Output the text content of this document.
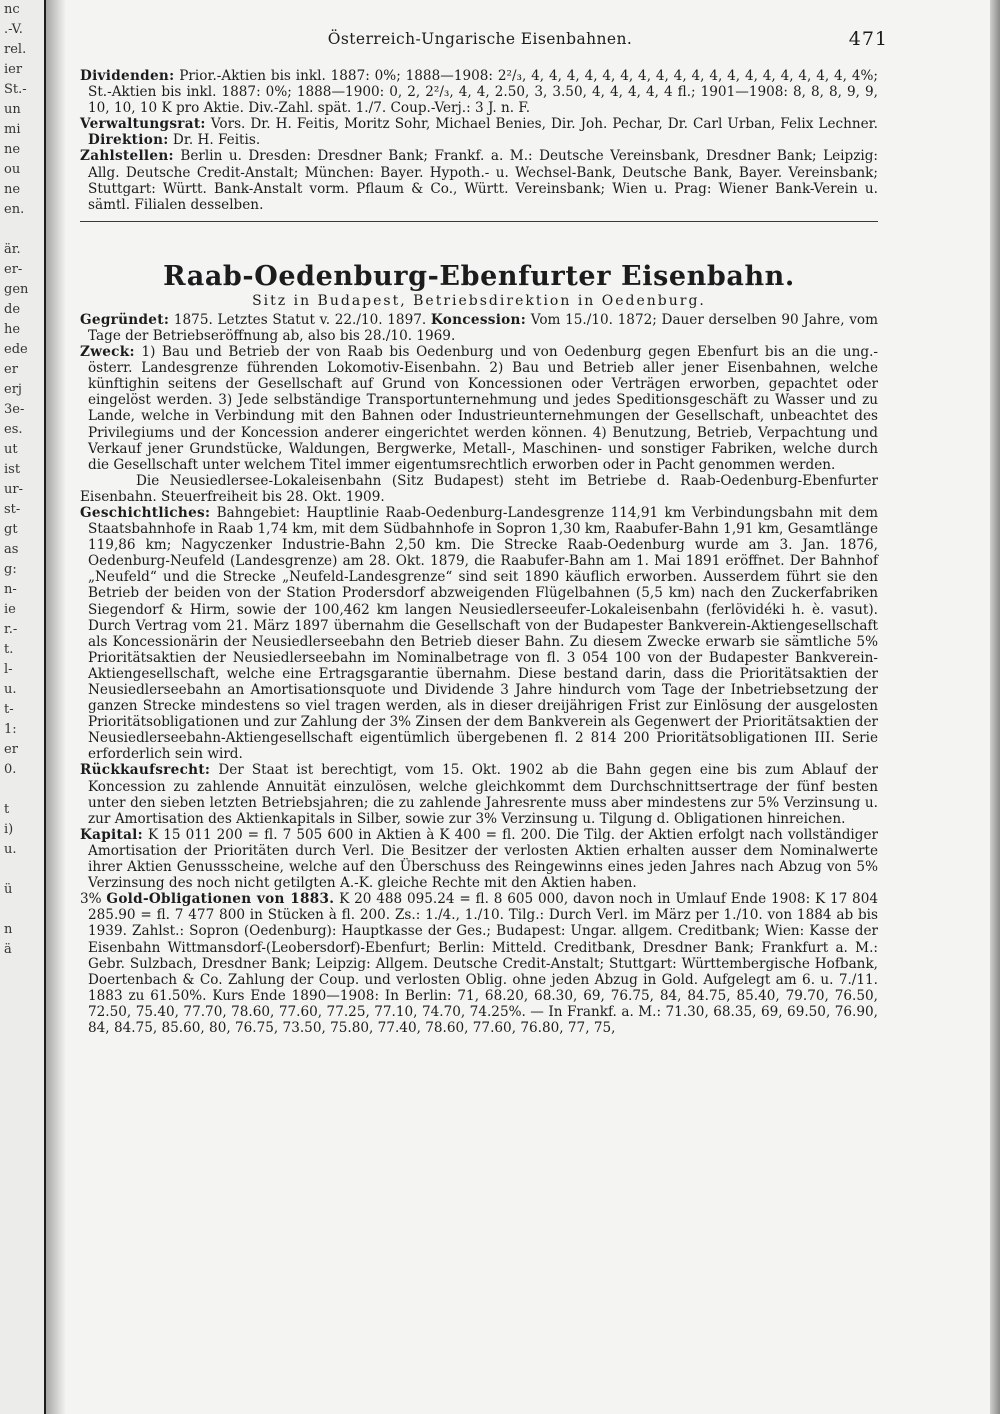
nc
.-V.
rel.
ier
St.-
un
mi
ne
ou
ne
en.

är.
er-
gen
de
he
ede
er
erj
3e-
es.
ut
ist
ur-
st-
gt
as
g:
n-
ie
r.-
t.
l-
u.
t-
1:
er
0.

t
i)
u.

ü

n
ä

Österreich-Ungarische Eisenbahnen.	471

Dividenden: Prior.-Aktien bis inkl. 1887: 0%; 1888—1908: 2²/₃, 4, 4, 4, 4, 4, 4, 4, 4, 4, 4, 4, 4, 4, 4, 4, 4, 4, 4, 4%; St.-Aktien bis inkl. 1887: 0%; 1888—1900: 0, 2, 2²/₃, 4, 4, 2.50, 3, 3.50, 4, 4, 4, 4, 4 fl.; 1901—1908: 8, 8, 8, 9, 9, 10, 10, 10 K pro Aktie. Div.-Zahl. spät. 1./7. Coup.-Verj.: 3 J. n. F.

Verwaltungsrat: Vors. Dr. H. Feitis, Moritz Sohr, Michael Benies, Dir. Joh. Pechar, Dr. Carl Urban, Felix Lechner. Direktion: Dr. H. Feitis.

Zahlstellen: Berlin u. Dresden: Dresdner Bank; Frankf. a. M.: Deutsche Vereinsbank, Dresdner Bank; Leipzig: Allg. Deutsche Credit-Anstalt; München: Bayer. Hypoth.- u. Wechsel-Bank, Deutsche Bank, Bayer. Vereinsbank; Stuttgart: Württ. Bank-Anstalt vorm. Pflaum & Co., Württ. Vereinsbank; Wien u. Prag: Wiener Bank-Verein u. sämtl. Filialen desselben.

Raab-Oedenburg-Ebenfurter Eisenbahn.
Sitz in Budapest, Betriebsdirektion in Oedenburg.

Gegründet: 1875. Letztes Statut v. 22./10. 1897. Koncession: Vom 15./10. 1872; Dauer derselben 90 Jahre, vom Tage der Betriebseröffnung ab, also bis 28./10. 1969.

Zweck: 1) Bau und Betrieb der von Raab bis Oedenburg und von Oedenburg gegen Ebenfurt bis an die ung.-österr. Landesgrenze führenden Lokomotiv-Eisenbahn. 2) Bau und Betrieb aller jener Eisenbahnen, welche künftighin seitens der Gesellschaft auf Grund von Koncessionen oder Verträgen erworben, gepachtet oder eingelöst werden. 3) Jede selbständige Transportunternehmung und jedes Speditionsgeschäft zu Wasser und zu Lande, welche in Verbindung mit den Bahnen oder Industrieunternehmungen der Gesellschaft, unbeachtet des Privilegiums und der Koncession anderer eingerichtet werden können. 4) Benutzung, Betrieb, Verpachtung und Verkauf jener Grundstücke, Waldungen, Bergwerke, Metall-, Maschinen- und sonstiger Fabriken, welche durch die Gesellschaft unter welchem Titel immer eigentumsrechtlich erworben oder in Pacht genommen werden.

Die Neusiedlersee-Lokaleisenbahn (Sitz Budapest) steht im Betriebe d. Raab-Oedenburg-Ebenfurter Eisenbahn. Steuerfreiheit bis 28. Okt. 1909.

Geschichtliches: Bahngebiet: Hauptlinie Raab-Oedenburg-Landesgrenze 114,91 km Verbindungsbahn mit dem Staatsbahnhofe in Raab 1,74 km, mit dem Südbahnhofe in Sopron 1,30 km, Raabufer-Bahn 1,91 km, Gesamtlänge 119,86 km; Nagyczenker Industrie-Bahn 2,50 km. Die Strecke Raab-Oedenburg wurde am 3. Jan. 1876, Oedenburg-Neufeld (Landesgrenze) am 28. Okt. 1879, die Raabufer-Bahn am 1. Mai 1891 eröffnet. Der Bahnhof „Neufeld“ und die Strecke „Neufeld-Landesgrenze“ sind seit 1890 käuflich erworben. Ausserdem führt sie den Betrieb der beiden von der Station Prodersdorf abzweigenden Flügelbahnen (5,5 km) nach den Zuckerfabriken Siegendorf & Hirm, sowie der 100,462 km langen Neusiedlerseeufer-Lokaleisenbahn (ferlövidéki h. è. vasut). Durch Vertrag vom 21. März 1897 übernahm die Gesellschaft von der Budapester Bankverein-Aktiengesellschaft als Koncessionärin der Neusiedlerseebahn den Betrieb dieser Bahn. Zu diesem Zwecke erwarb sie sämtliche 5% Prioritätsaktien der Neusiedlerseebahn im Nominalbetrage von fl. 3 054 100 von der Budapester Bankverein-Aktiengesellschaft, welche eine Ertragsgarantie übernahm. Diese bestand darin, dass die Prioritätsaktien der Neusiedlerseebahn an Amortisationsquote und Dividende 3 Jahre hindurch vom Tage der Inbetriebsetzung der ganzen Strecke mindestens so viel tragen werden, als in dieser dreijährigen Frist zur Einlösung der ausgelosten Prioritätsobligationen und zur Zahlung der 3% Zinsen der dem Bankverein als Gegenwert der Prioritätsaktien der Neusiedlerseebahn-Aktiengesellschaft eigentümlich übergebenen fl. 2 814 200 Prioritätsobligationen III. Serie erforderlich sein wird.

Rückkaufsrecht: Der Staat ist berechtigt, vom 15. Okt. 1902 ab die Bahn gegen eine bis zum Ablauf der Koncession zu zahlende Annuität einzulösen, welche gleichkommt dem Durchschnittsertrage der fünf besten unter den sieben letzten Betriebsjahren; die zu zahlende Jahresrente muss aber mindestens zur 5% Verzinsung u. zur Amortisation des Aktienkapitals in Silber, sowie zur 3% Verzinsung u. Tilgung d. Obligationen hinreichen.

Kapital: K 15 011 200 = fl. 7 505 600 in Aktien à K 400 = fl. 200. Die Tilg. der Aktien erfolgt nach vollständiger Amortisation der Prioritäten durch Verl. Die Besitzer der verlosten Aktien erhalten ausser dem Nominalwerte ihrer Aktien Genussscheine, welche auf den Überschuss des Reingewinns eines jeden Jahres nach Abzug von 5% Verzinsung des noch nicht getilgten A.-K. gleiche Rechte mit den Aktien haben.

3% Gold-Obligationen von 1883. K 20 488 095.24 = fl. 8 605 000, davon noch in Umlauf Ende 1908: K 17 804 285.90 = fl. 7 477 800 in Stücken à fl. 200. Zs.: 1./4., 1./10. Tilg.: Durch Verl. im März per 1./10. von 1884 ab bis 1939. Zahlst.: Sopron (Oedenburg): Hauptkasse der Ges.; Budapest: Ungar. allgem. Creditbank; Wien: Kasse der Eisenbahn Wittmansdorf-(Leobersdorf)-Ebenfurt; Berlin: Mitteld. Creditbank, Dresdner Bank; Frankfurt a. M.: Gebr. Sulzbach, Dresdner Bank; Leipzig: Allgem. Deutsche Credit-Anstalt; Stuttgart: Württembergische Hofbank, Doertenbach & Co. Zahlung der Coup. und verlosten Oblig. ohne jeden Abzug in Gold. Aufgelegt am 6. u. 7./11. 1883 zu 61.50%. Kurs Ende 1890—1908: In Berlin: 71, 68.20, 68.30, 69, 76.75, 84, 84.75, 85.40, 79.70, 76.50, 72.50, 75.40, 77.70, 78.60, 77.60, 77.25, 77.10, 74.70, 74.25%. — In Frankf. a. M.: 71.30, 68.35, 69, 69.50, 76.90, 84, 84.75, 85.60, 80, 76.75, 73.50, 75.80, 77.40, 78.60, 77.60, 76.80, 77, 75,
